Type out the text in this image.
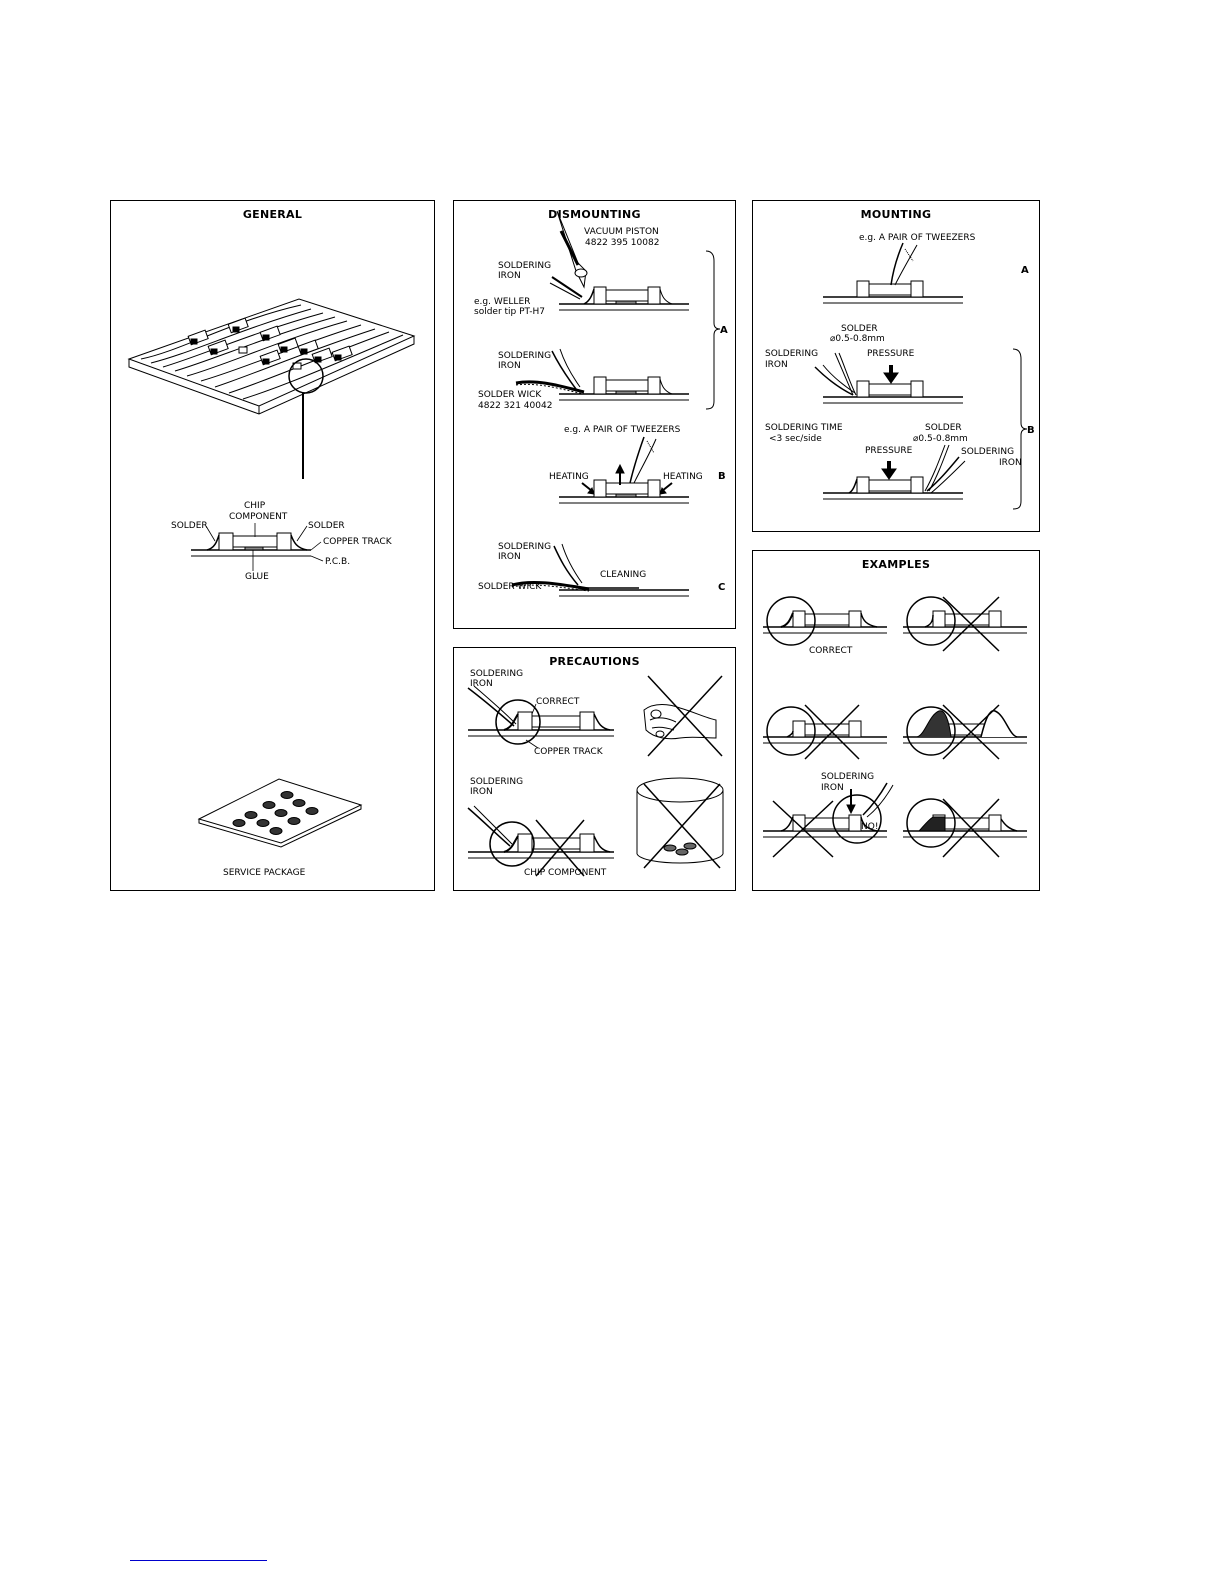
GENERAL
SOLDER
CHIP
COMPONENT
SOLDER
COPPER TRACK
P.C.B.
GLUE
SERVICE PACKAGE
DISMOUNTING
VACUUM PISTON
4822 395 10082
SOLDERING
IRON
e.g. WELLER
solder tip PT-H7
SOLDERING
IRON
SOLDER WICK
4822 321 40042
A
e.g. A PAIR OF TWEEZERS
HEATING	HEATING B
SOLDERING
IRON
CLEANING
SOLDER WICK	C
MOUNTING
e.g. A PAIR OF TWEEZERS
A
SOLDER
⌀0.5-0.8mm
SOLDERING
IRON
PRESSURE
SOLDERING TIME
<3 sec/side
SOLDER
⌀0.5-0.8mm
PRESSURE	SOLDERING
IRON
B
PRECAUTIONS
SOLDERING
IRON
CORRECT
COPPER TRACK
SOLDERING
IRON
CHIP COMPONENT
EXAMPLES
CORRECT
SOLDERING
IRON
NO!
